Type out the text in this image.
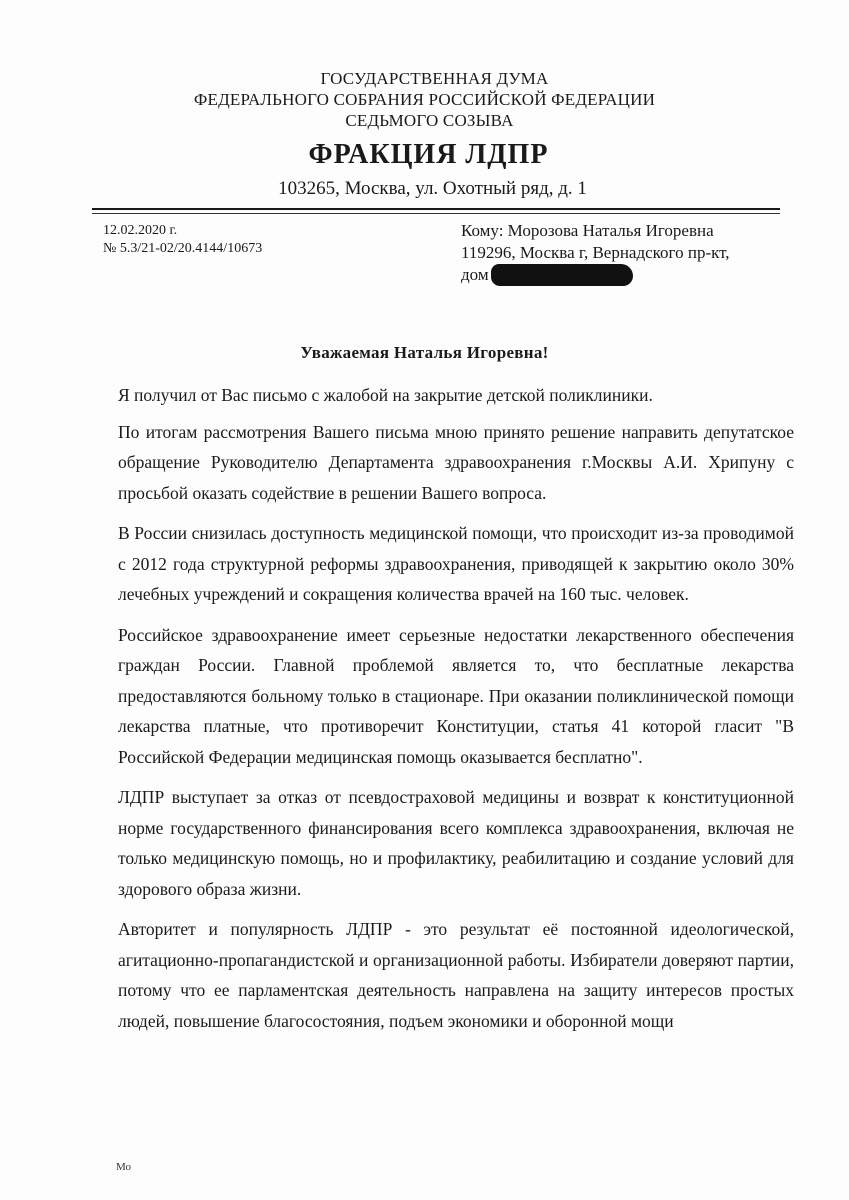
ГОСУДАРСТВЕННАЯ ДУМА
ФЕДЕРАЛЬНОГО СОБРАНИЯ РОССИЙСКОЙ ФЕДЕРАЦИИ
СЕДЬМОГО СОЗЫВА
ФРАКЦИЯ ЛДПР
103265, Москва, ул. Охотный ряд, д. 1
12.02.2020 г.
№ 5.3/21-02/20.4144/10673
Кому: Морозова Наталья Игоревна
119296, Москва г, Вернадского пр-кт,
дом
Уважаемая Наталья Игоревна!

Я получил от Вас письмо с жалобой на закрытие детской поликлиники.

По итогам рассмотрения Вашего письма мною принято решение направить депутатское обращение Руководителю Департамента здравоохранения г.Москвы А.И. Хрипуну с просьбой оказать содействие в решении Вашего вопроса.

В России снизилась доступность медицинской помощи, что происходит из-за проводимой с 2012 года структурной реформы здравоохранения, приводящей к закрытию около 30% лечебных учреждений и сокращения количества врачей на 160 тыс. человек.

Российское здравоохранение имеет серьезные недостатки лекарственного обеспечения граждан России. Главной проблемой является то, что бесплатные лекарства предоставляются больному только в стационаре. При оказании поликлинической помощи лекарства платные, что противоречит Конституции, статья 41 которой гласит "В Российской Федерации медицинская помощь оказывается бесплатно".

ЛДПР выступает за отказ от псевдостраховой медицины и возврат к конституционной норме государственного финансирования всего комплекса здравоохранения, включая не только медицинскую помощь, но и профилактику, реабилитацию и создание условий для здорового образа жизни.

Авторитет и популярность ЛДПР - это результат её постоянной идеологической, агитационно-пропагандистской и организационной работы. Избиратели доверяют партии, потому что ее парламентская деятельность направлена на защиту интересов простых людей, повышение благосостояния, подъем экономики и оборонной мощи

Мо
